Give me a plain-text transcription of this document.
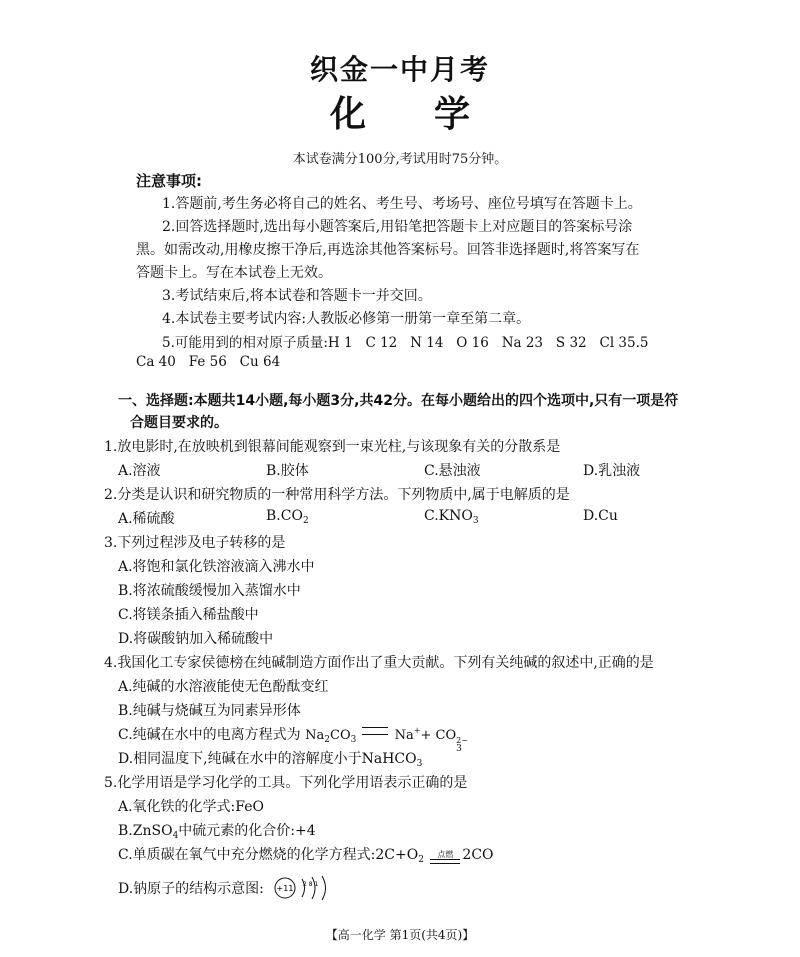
织金一中月考
化 学
本试卷满分100分,考试用时75分钟。
注意事项:
1.答题前,考生务必将自己的姓名、考生号、考场号、座位号填写在答题卡上。
2.回答选择题时,选出每小题答案后,用铅笔把答题卡上对应题目的答案标号涂
黑。如需改动,用橡皮擦干净后,再选涂其他答案标号。回答非选择题时,将答案写在
答题卡上。写在本试卷上无效。
3.考试结束后,将本试卷和答题卡一并交回。
4.本试卷主要考试内容:人教版必修第一册第一章至第二章。
5.可能用到的相对原子质量:H 1   C 12   N 14   O 16   Na 23   S 32   Cl 35.5
Ca 40   Fe 56   Cu 64
一、选择题:本题共14小题,每小题3分,共42分。在每小题给出的四个选项中,只有一项是符
合题目要求的。
1.放电影时,在放映机到银幕间能观察到一束光柱,与该现象有关的分散系是
A.溶液	B.胶体	C.悬浊液	D.乳浊液
2.分类是认识和研究物质的一种常用科学方法。下列物质中,属于电解质的是
A.稀硫酸	$B.CO_2$	$C.KNO_3$	D.Cu
3.下列过程涉及电子转移的是
A.将饱和氯化铁溶液滴入沸水中
B.将浓硫酸缓慢加入蒸馏水中
C.将镁条插入稀盐酸中
D.将碳酸钠加入稀硫酸中
4.我国化工专家侯德榜在纯碱制造方面作出了重大贡献。下列有关纯碱的叙述中,正确的是
A.纯碱的水溶液能使无色酚酞变红
B.纯碱与烧碱互为同素异形体
C.纯碱在水中的电离方程式为 $Na_2CO_3$	Na++ CO 2−
3
D.相同温度下,纯碱在水中的溶解度小于NaHCO$_3$
5.化学用语是学习化学的工具。下列化学用语表示正确的是
A.氧化铁的化学式:FeO
B.ZnSO$_4$中硫元素的化合价:+4
C.单质碳在氧气中充分燃烧的化学方程式$:2C+O_2$
点燃 2CO
D.钠原子的结构示意图: +11 2 8 1
【高一化学 第1页(共4页)】
